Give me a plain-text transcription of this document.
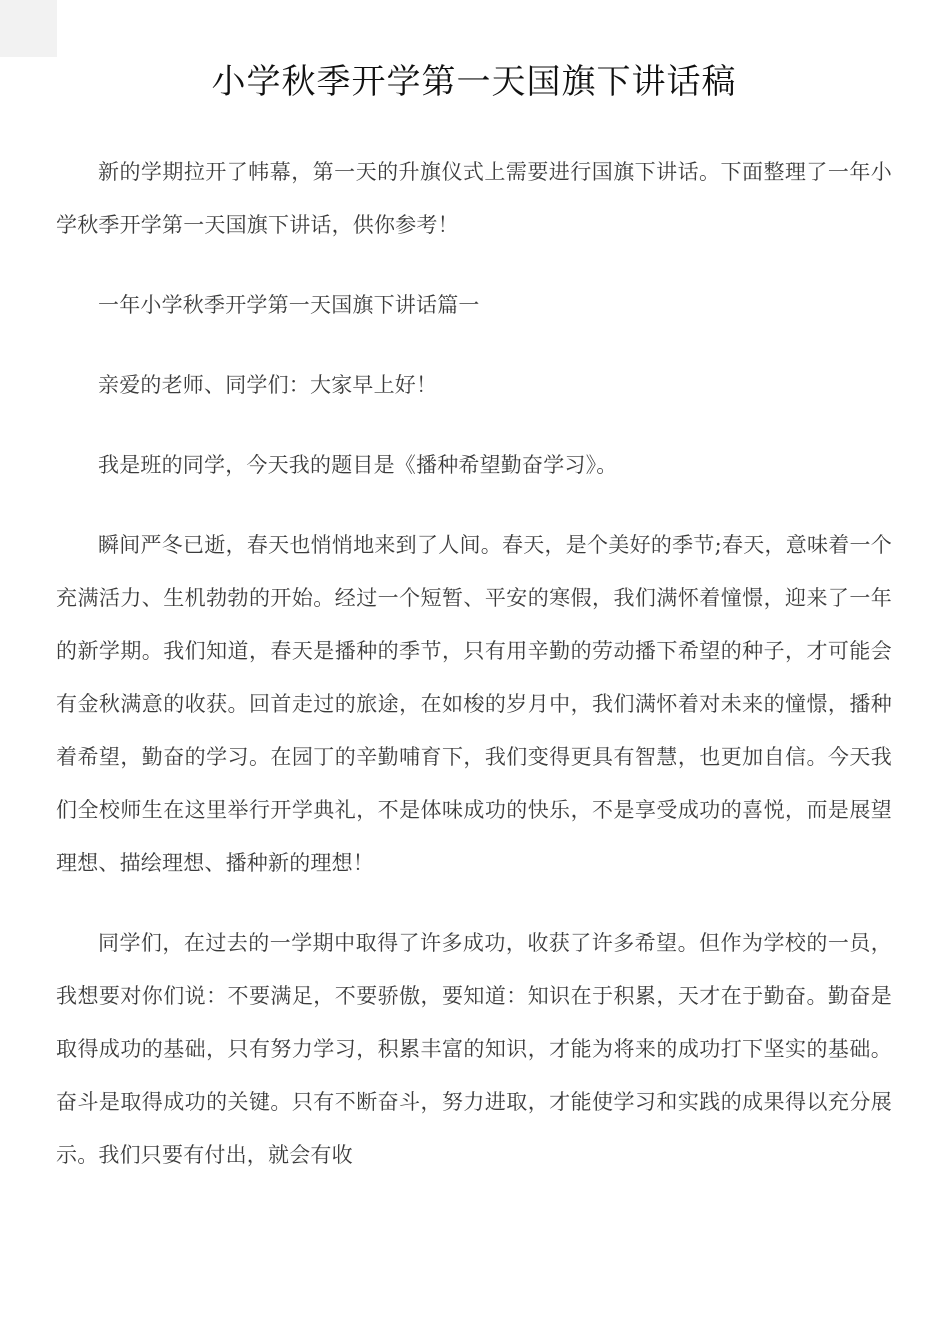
小学秋季开学第一天国旗下讲话稿

新的学期拉开了帏幕，第一天的升旗仪式上需要进行国旗下讲话。下面整理了一年小学秋季开学第一天国旗下讲话，供你参考！

一年小学秋季开学第一天国旗下讲话篇一

亲爱的老师、同学们：大家早上好！

我是班的同学，今天我的题目是《播种希望勤奋学习》。

瞬间严冬已逝，春天也悄悄地来到了人间。春天，是个美好的季节;春天，意味着一个充满活力、生机勃勃的开始。经过一个短暂、平安的寒假，我们满怀着憧憬，迎来了一年的新学期。我们知道，春天是播种的季节，只有用辛勤的劳动播下希望的种子，才可能会有金秋满意的收获。回首走过的旅途，在如梭的岁月中，我们满怀着对未来的憧憬，播种着希望，勤奋的学习。在园丁的辛勤哺育下，我们变得更具有智慧，也更加自信。今天我们全校师生在这里举行开学典礼，不是体味成功的快乐，不是享受成功的喜悦，而是展望理想、描绘理想、播种新的理想！

同学们，在过去的一学期中取得了许多成功，收获了许多希望。但作为学校的一员，我想要对你们说：不要满足，不要骄傲，要知道：知识在于积累，天才在于勤奋。勤奋是取得成功的基础，只有努力学习，积累丰富的知识，才能为将来的成功打下坚实的基础。奋斗是取得成功的关键。只有不断奋斗，努力进取，才能使学习和实践的成果得以充分展示。我们只要有付出，就会有收
